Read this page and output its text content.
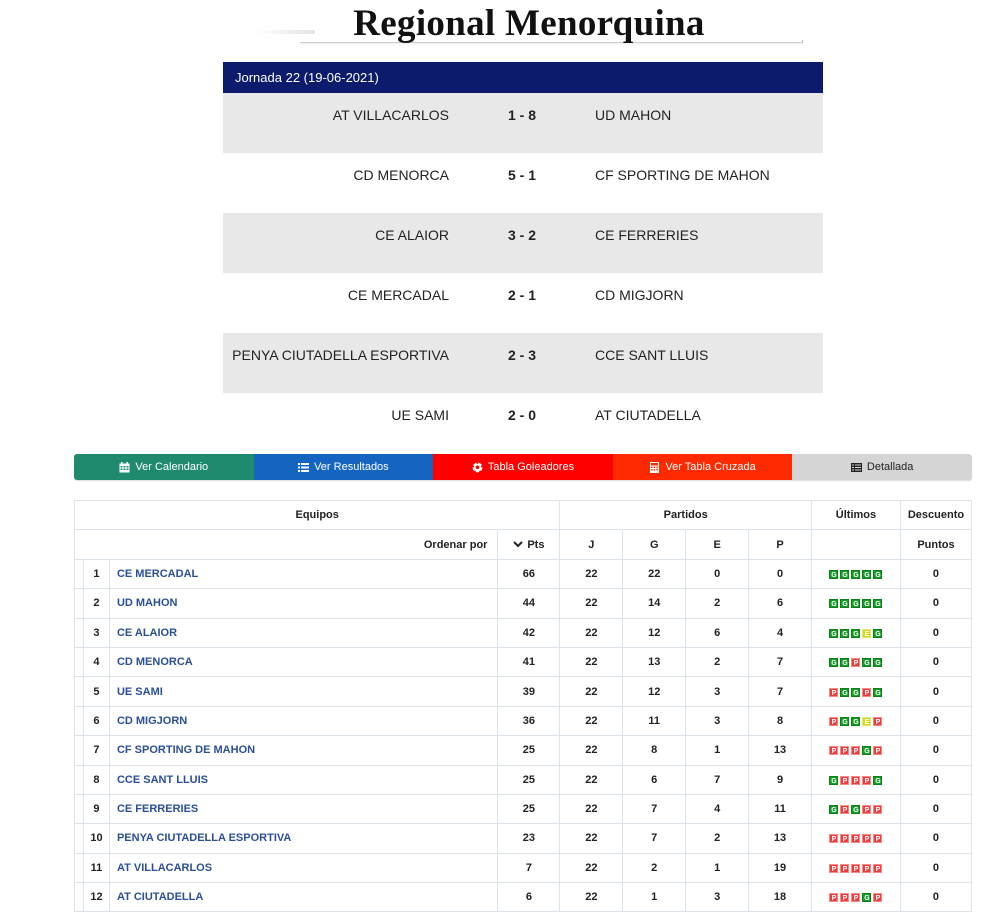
Regional Menorquina
Jornada 22 (19-06-2021)
AT VILLACARLOS	1 - 8	UD MAHON
CD MENORCA	5 - 1	CF SPORTING DE MAHON
CE ALAIOR	3 - 2	CE FERRERIES
CE MERCADAL	2 - 1	CD MIGJORN
PENYA CIUTADELLA ESPORTIVA	2 - 3	CCE SANT LLUIS
UE SAMI	2 - 0	AT CIUTADELLA
Ver Calendario	Ver Resultados	Tabla Goleadores	Ver Tabla Cruzada	Detallada
Equipos				Partidos				Últimos	Descuento
Ordenar por			Pts	J	G	E	P		Puntos
	1	CE MERCADAL	66	22	22	0	0	G G G G G	0
	2	UD MAHON	44	22	14	2	6	G G G G G	0
	3	CE ALAIOR	42	22	12	6	4	G G G E G	0
	4	CD MENORCA	41	22	13	2	7	G G P G G	0
	5	UE SAMI	39	22	12	3	7	P G G P G	0
	6	CD MIGJORN	36	22	11	3	8	P G G E P	0
	7	CF SPORTING DE MAHON	25	22	8	1	13	P P P G P	0
	8	CCE SANT LLUIS	25	22	6	7	9	G P P P G	0
	9	CE FERRERIES	25	22	7	4	11	G P G P P	0
	10	PENYA CIUTADELLA ESPORTIVA	23	22	7	2	13	P P P P P	0
	11	AT VILLACARLOS	7	22	2	1	19	P P P P P	0
	12	AT CIUTADELLA	6	22	1	3	18	P P P G P	0
